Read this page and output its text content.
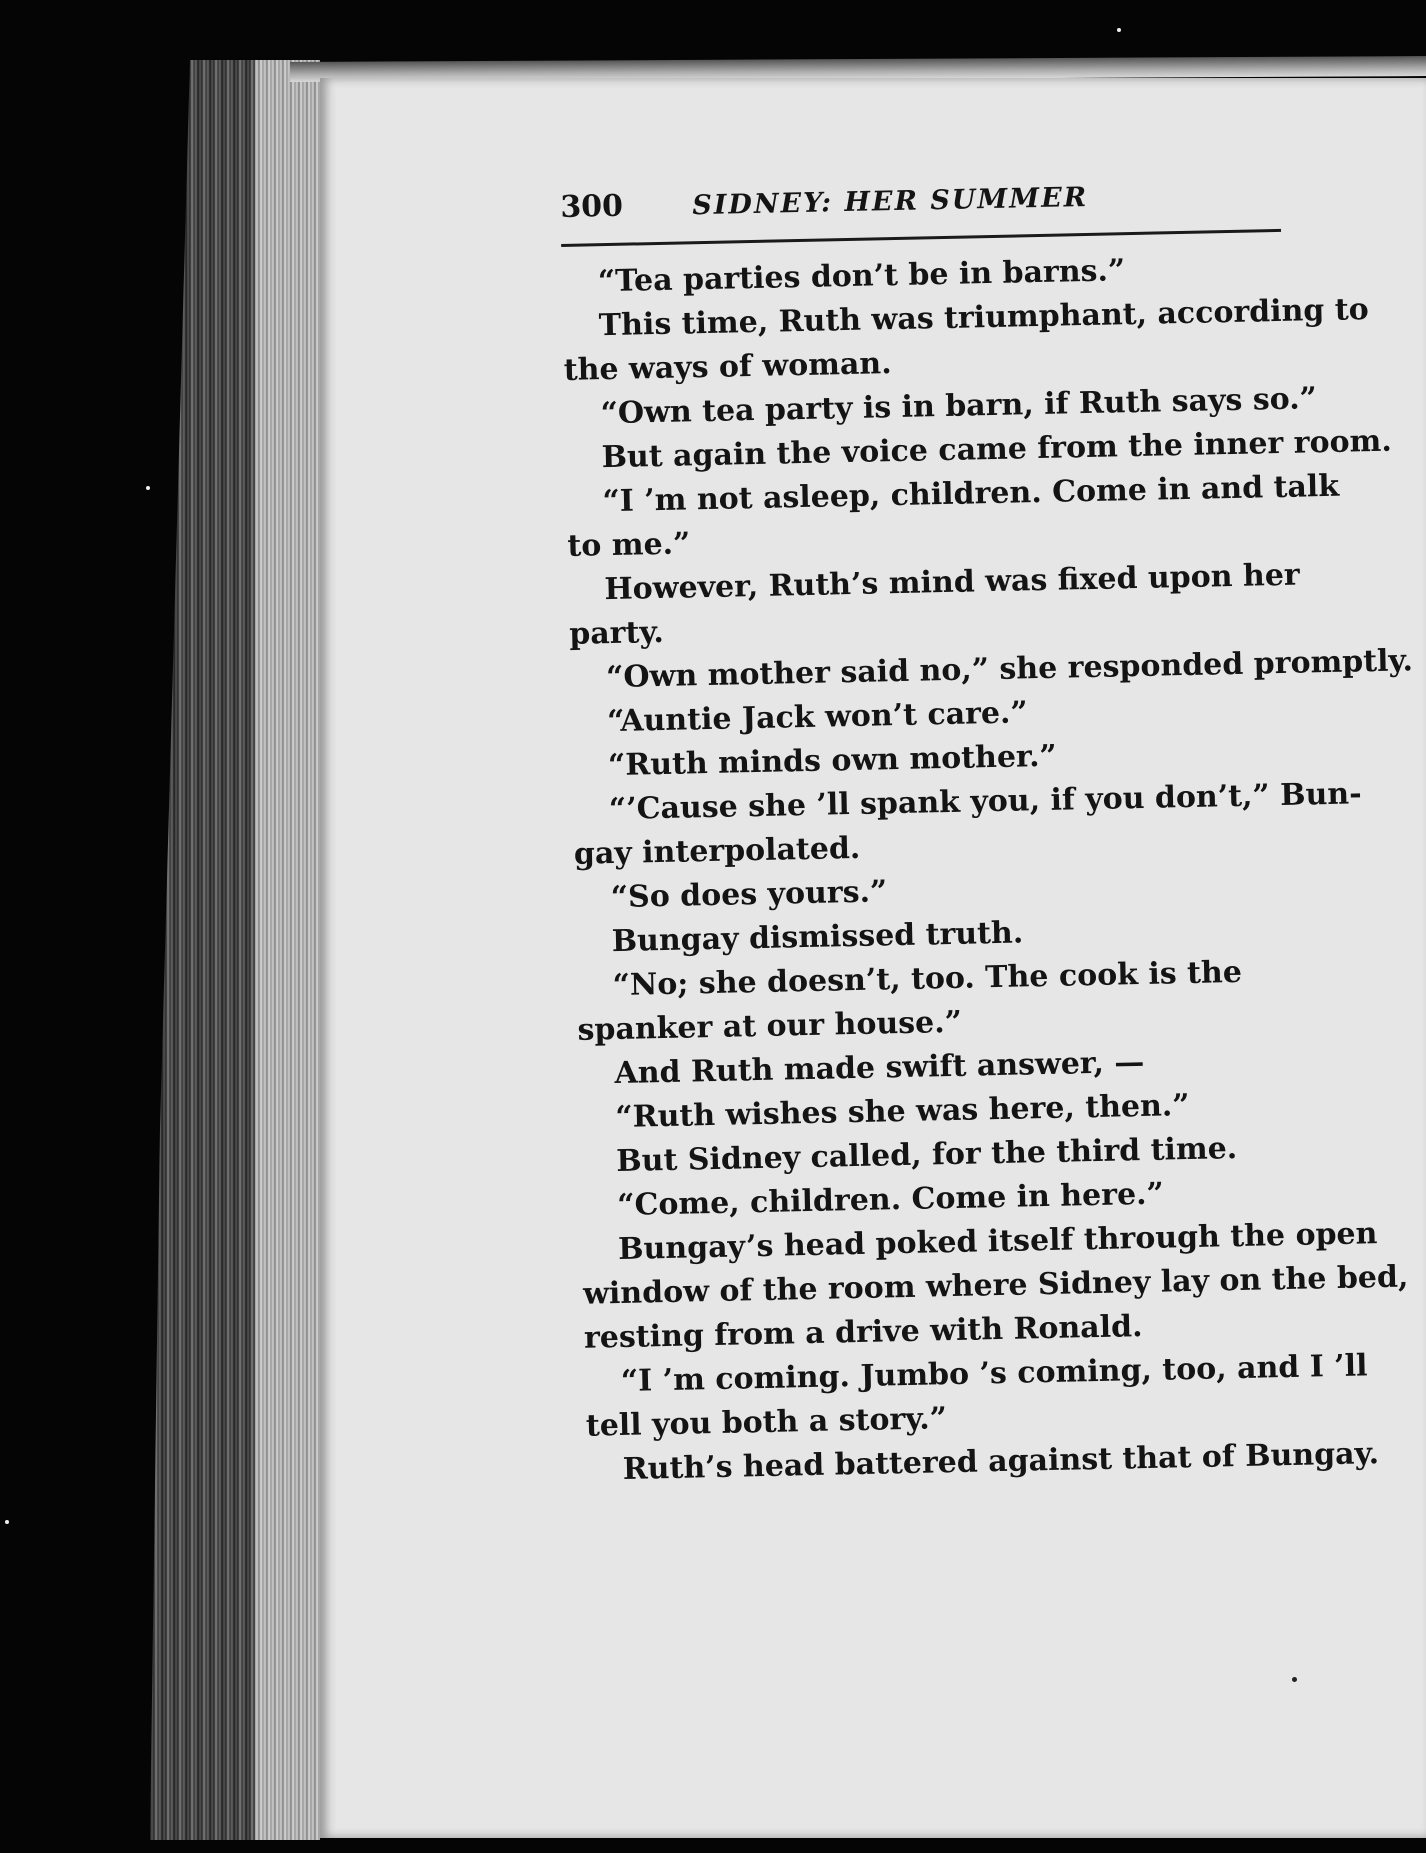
300	SIDNEY: HER SUMMER
“Tea parties don’t be in barns.”
This time, Ruth was triumphant, according to
the ways of woman.
“Own tea party is in barn, if Ruth says so.”
But again the voice came from the inner room.
“I ’m not asleep, children. Come in and talk
to me.”
However, Ruth’s mind was fixed upon her
party.
“Own mother said no,” she responded promptly.
“Auntie Jack won’t care.”
“Ruth minds own mother.”
“’Cause she ’ll spank you, if you don’t,” Bun-
gay interpolated.
“So does yours.”
Bungay dismissed truth.
“No; she doesn’t, too. The cook is the
spanker at our house.”
And Ruth made swift answer, —
“Ruth wishes she was here, then.”
But Sidney called, for the third time.
“Come, children. Come in here.”
Bungay’s head poked itself through the open
window of the room where Sidney lay on the bed,
resting from a drive with Ronald.
“I ’m coming. Jumbo ’s coming, too, and I ’ll
tell you both a story.”
Ruth’s head battered against that of Bungay.
